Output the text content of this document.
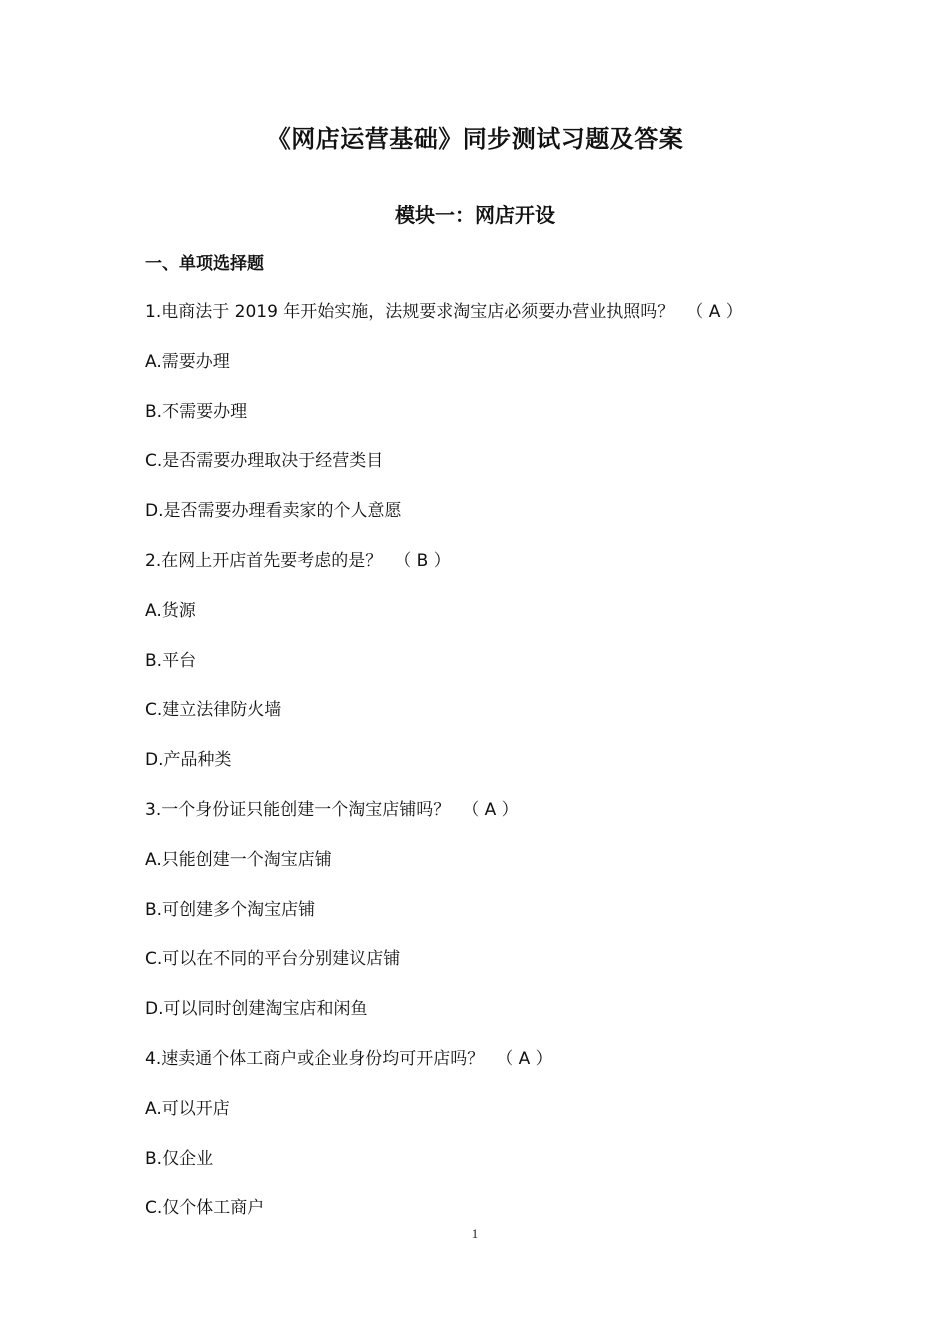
《网店运营基础》同步测试习题及答案
模块一：网店开设
一、单项选择题
1.电商法于 2019 年开始实施，法规要求淘宝店必须要办营业执照吗？ （ A ）
A.需要办理
B.不需要办理
C.是否需要办理取决于经营类目
D.是否需要办理看卖家的个人意愿
2.在网上开店首先要考虑的是？ （ B ）
A.货源
B.平台
C.建立法律防火墙
D.产品种类
3.一个身份证只能创建一个淘宝店铺吗？ （ A ）
A.只能创建一个淘宝店铺
B.可创建多个淘宝店铺
C.可以在不同的平台分别建议店铺
D.可以同时创建淘宝店和闲鱼
4.速卖通个体工商户或企业身份均可开店吗？ （ A ）
A.可以开店
B.仅企业
C.仅个体工商户
1
